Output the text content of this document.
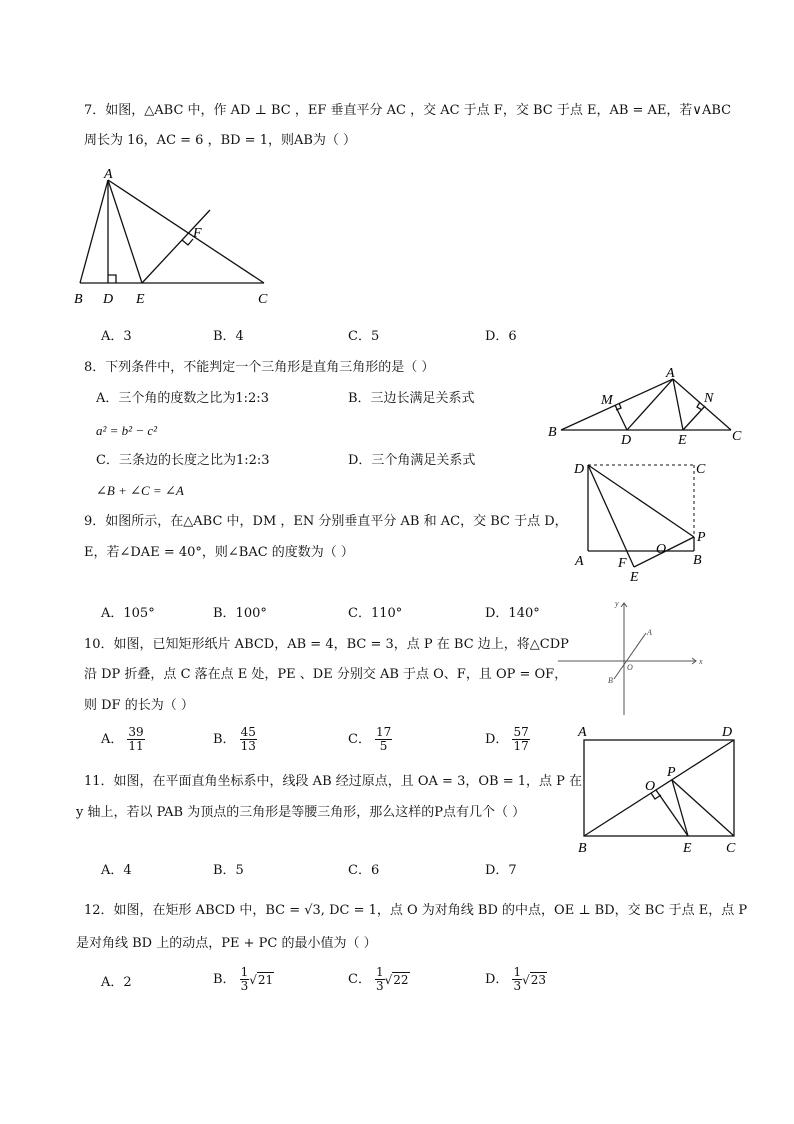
7．如图，△ABC 中，作 AD ⊥ BC ，EF 垂直平分 AC ，交 AC 于点 F，交 BC 于点 E，AB = AE，若∨ABC
周长为 16，AC = 6 ，BD = 1，则AB为（ ）
A
F
B D E	C
A．3	B．4	C．5	D．6
8．下列条件中，不能判定一个三角形是直角三角形的是（ ）
A．三个角的度数之比为1:2:3	B．三边长满足关系式
a² = b² − c²
C．三条边的长度之比为1:2:3	D．三个角满足关系式
∠B + ∠C = ∠A
A
M	N
B
D	E	C
D	C
P
O
A F	B
E
9．如图所示，在△ABC 中，DM ，EN 分别垂直平分 AB 和 AC，交 BC 于点 D，
E，若∠DAE = 40°，则∠BAC 的度数为（ ）
A．105°	B．100°	C．110°	D．140°
y
x
A
O
B
10．如图，已知矩形纸片 ABCD，AB = 4，BC = 3，点 P 在 BC 边上，将△CDP
沿 DP 折叠，点 C 落在点 E 处，PE 、DE 分别交 AB 于点 O、F，且 OP = OF，
则 DF 的长为（ ）
A． $\frac{39}{11}$	B． $\frac{45}{13}$	C． $\frac{17}{5}$	D． $\frac{57}{17}$	A	D
O
P
B	E C
11．如图，在平面直角坐标系中，线段 AB 经过原点，且 OA = 3，OB = 1，点 P 在
y 轴上，若以 PAB 为顶点的三角形是等腰三角形，那么这样的P点有几个（ ）
A．4	B．5	C．6	D．7
12．如图，在矩形 ABCD 中，BC = √3, DC = 1，点 O 为对角线 BD 的中点，OE ⊥ BD，交 BC 于点 E，点 P
是对角线 BD 上的动点，PE + PC 的最小值为（ ）
A．2	B． $\frac{1}{3} √21$	C． $\frac{1}{3} √22$	D． $\frac{1}{3} √23$
